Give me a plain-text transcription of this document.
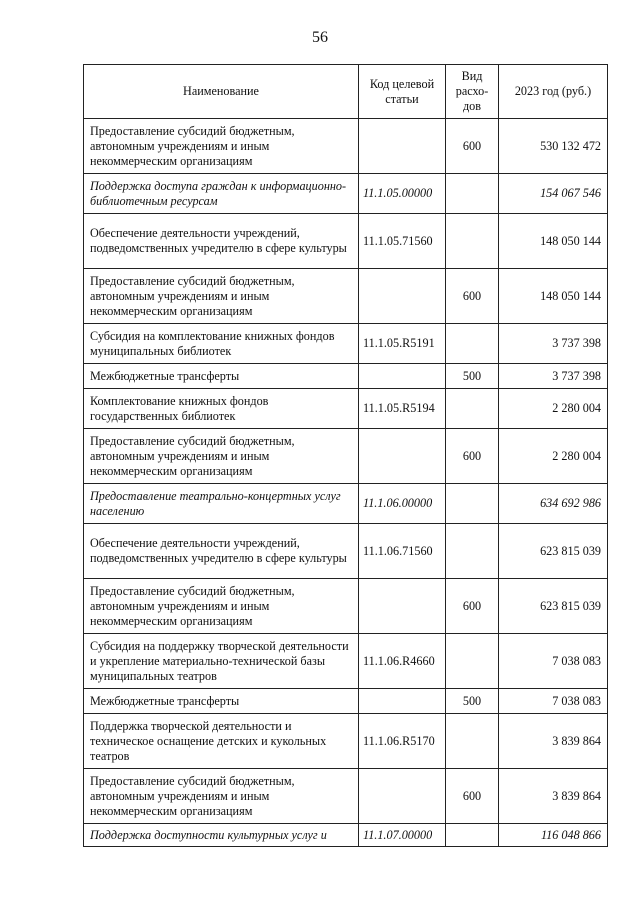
56
Наименование	Код целевой статьи	Вид расхо-дов	2023 год (руб.)
Предоставление субсидий бюджетным, автономным учреждениям и иным некоммерческим организациям		600	530 132 472
Поддержка доступа граждан к информационно-библиотечным ресурсам	11.1.05.00000		154 067 546
Обеспечение деятельности учреждений, подведомственных учредителю в сфере культуры	11.1.05.71560		148 050 144
Предоставление субсидий бюджетным, автономным учреждениям и иным некоммерческим организациям		600	148 050 144
Субсидия на комплектование книжных фондов муниципальных библиотек	11.1.05.R5191		3 737 398
Межбюджетные трансферты		500	3 737 398
Комплектование книжных фондов государственных библиотек	11.1.05.R5194		2 280 004
Предоставление субсидий бюджетным, автономным учреждениям и иным некоммерческим организациям		600	2 280 004
Предоставление театрально-концертных услуг населению	11.1.06.00000		634 692 986
Обеспечение деятельности учреждений, подведомственных учредителю в сфере культуры	11.1.06.71560		623 815 039
Предоставление субсидий бюджетным, автономным учреждениям и иным некоммерческим организациям		600	623 815 039
Субсидия на поддержку творческой деятельности и укрепление материально-технической базы муниципальных театров	11.1.06.R4660		7 038 083
Межбюджетные трансферты		500	7 038 083
Поддержка творческой деятельности и техническое оснащение детских и кукольных театров	11.1.06.R5170		3 839 864
Предоставление субсидий бюджетным, автономным учреждениям и иным некоммерческим организациям		600	3 839 864
Поддержка доступности культурных услуг и	11.1.07.00000		116 048 866
